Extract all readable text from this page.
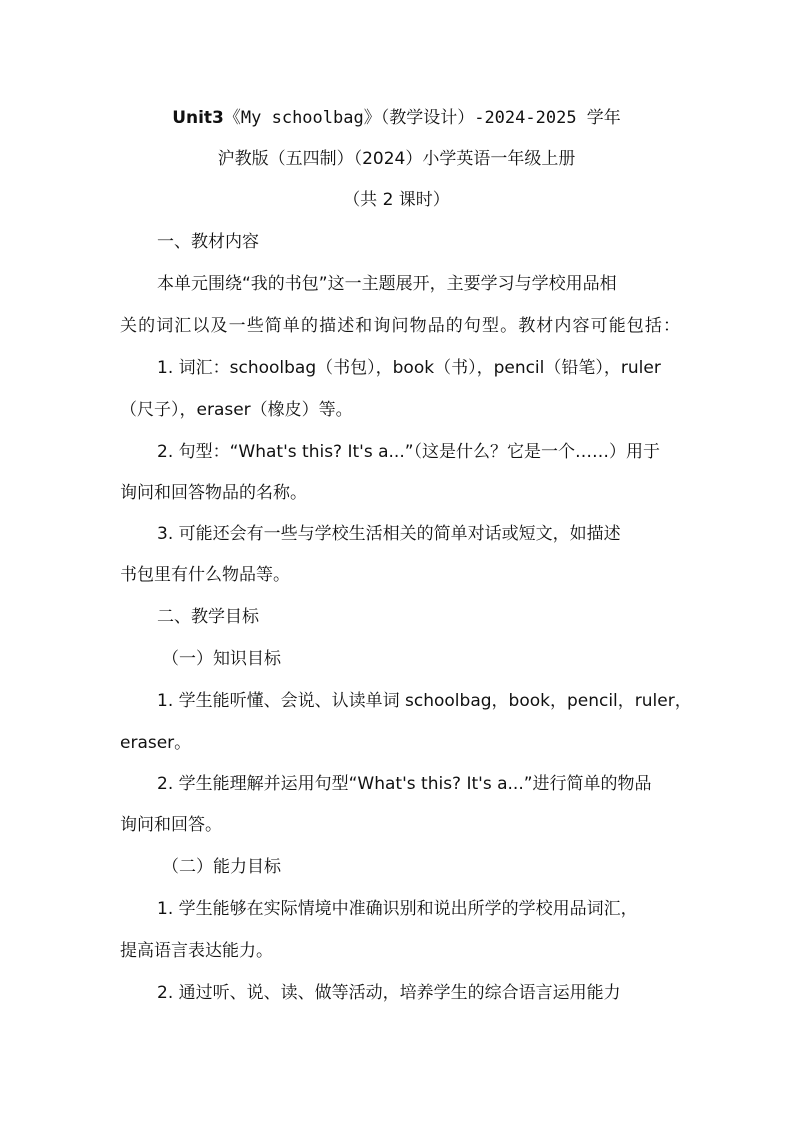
Unit3《My schoolbag》（教学设计）-2024-2025 学年
沪教版（五四制）（2024）小学英语一年级上册
（共 2 课时）
一、教材内容
本单元围绕“我的书包”这一主题展开，主要学习与学校用品相
关的词汇以及一些简单的描述和询问物品的句型。教材内容可能包括：
1. 词汇：schoolbag（书包），book（书），pencil（铅笔），ruler
（尺子），eraser（橡皮）等。
2. 句型：“What's this? It's a...”（这是什么？它是一个……）用于
询问和回答物品的名称。
3. 可能还会有一些与学校生活相关的简单对话或短文，如描述
书包里有什么物品等。
二、教学目标
（一）知识目标
1. 学生能听懂、会说、认读单词 schoolbag，book，pencil，ruler，
eraser。
2. 学生能理解并运用句型“What's this? It's a...”进行简单的物品
询问和回答。
（二）能力目标
1. 学生能够在实际情境中准确识别和说出所学的学校用品词汇，
提高语言表达能力。
2. 通过听、说、读、做等活动，培养学生的综合语言运用能力
